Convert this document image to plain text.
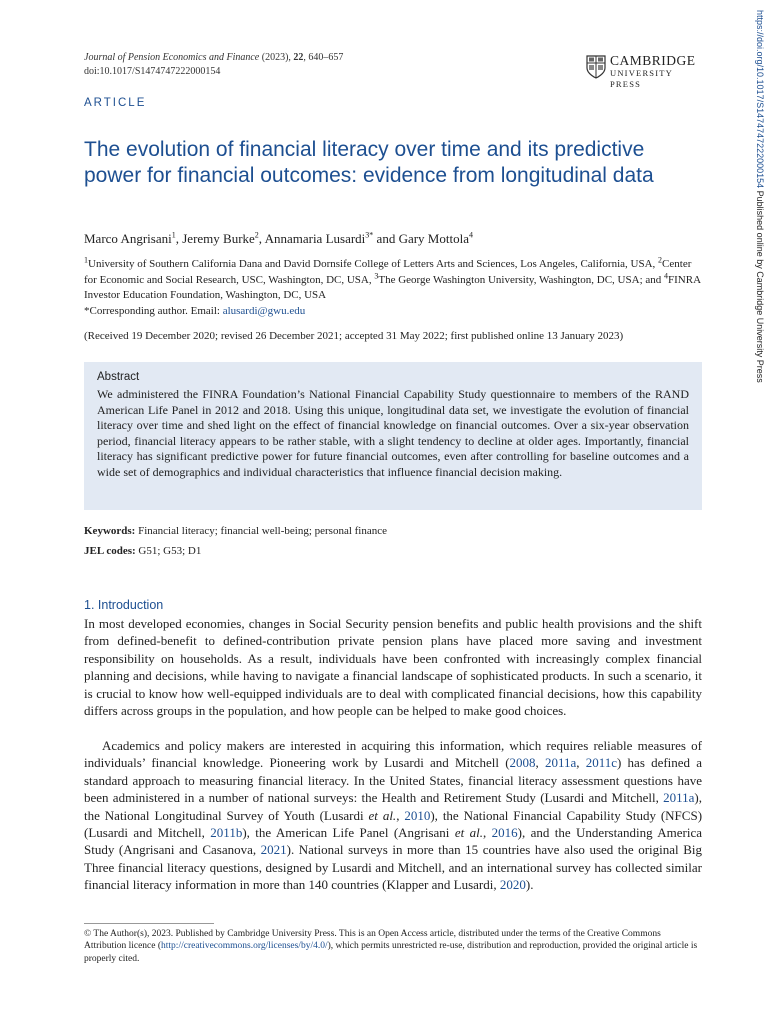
Journal of Pension Economics and Finance (2023), 22, 640–657
doi:10.1017/S1474747222000154
CAMBRIDGE
UNIVERSITY PRESS
ARTICLE
The evolution of financial literacy over time and its predictive power for financial outcomes: evidence from longitudinal data
Marco Angrisani$^1$, Jeremy Burke$^2$, Annamaria Lusardi$^{3*}$ and Gary Mottola$^4$
$^1$University of Southern California Dana and David Dornsife College of Letters Arts and Sciences, Los Angeles, California, USA, $^2$Center for Economic and Social Research, USC, Washington, DC, USA, $^3$The George Washington University, Washington, DC, USA; and $^4$FINRA Investor Education Foundation, Washington, DC, USA
*Corresponding author. Email: alusardi@gwu.edu
(Received 19 December 2020; revised 26 December 2021; accepted 31 May 2022; first published online 13 January 2023)
Abstract

We administered the FINRA Foundation’s National Financial Capability Study questionnaire to members of the RAND American Life Panel in 2012 and 2018. Using this unique, longitudinal data set, we investigate the evolution of financial literacy over time and shed light on the effect of financial knowledge on financial outcomes. Over a six-year observation period, financial literacy appears to be rather stable, with a slight tendency to decline at older ages. Importantly, financial literacy has significant predictive power for future financial outcomes, even after controlling for baseline outcomes and a wide set of demographics and individual characteristics that influence financial decision making.

Keywords: Financial literacy; financial well-being; personal finance
JEL codes: G51; G53; D1
1. Introduction

In most developed economies, changes in Social Security pension benefits and public health provisions and the shift from defined-benefit to defined-contribution private pension plans have placed more saving and investment responsibility on households. As a result, individuals have been confronted with increasingly complex financial planning and decisions, while having to navigate a financial landscape of sophisticated products. In such a scenario, it is crucial to know how well-equipped individuals are to deal with complicated financial decisions, how this capability differs across groups in the population, and how people can be helped to make good choices.

Academics and policy makers are interested in acquiring this information, which requires reliable measures of individuals’ financial knowledge. Pioneering work by Lusardi and Mitchell (2008, 2011a, 2011c) has defined a standard approach to measuring financial literacy. In the United States, financial literacy assessment questions have been administered in a number of national surveys: the Health and Retirement Study (Lusardi and Mitchell, 2011a), the National Longitudinal Survey of Youth (Lusardi et al., 2010), the National Financial Capability Study (NFCS) (Lusardi and Mitchell, 2011b), the American Life Panel (Angrisani et al., 2016), and the Understanding America Study (Angrisani and Casanova, 2021). National surveys in more than 15 countries have also used the original Big Three financial literacy questions, designed by Lusardi and Mitchell, and an international survey has collected similar financial literacy information in more than 140 countries (Klapper and Lusardi, 2020).

© The Author(s), 2023. Published by Cambridge University Press. This is an Open Access article, distributed under the terms of the Creative Commons Attribution licence (http://creativecommons.org/licenses/by/4.0/), which permits unrestricted re-use, distribution and reproduction, provided the original article is properly cited.
https://doi.org/10.1017/S1474747222000154 Published online by Cambridge University Press
